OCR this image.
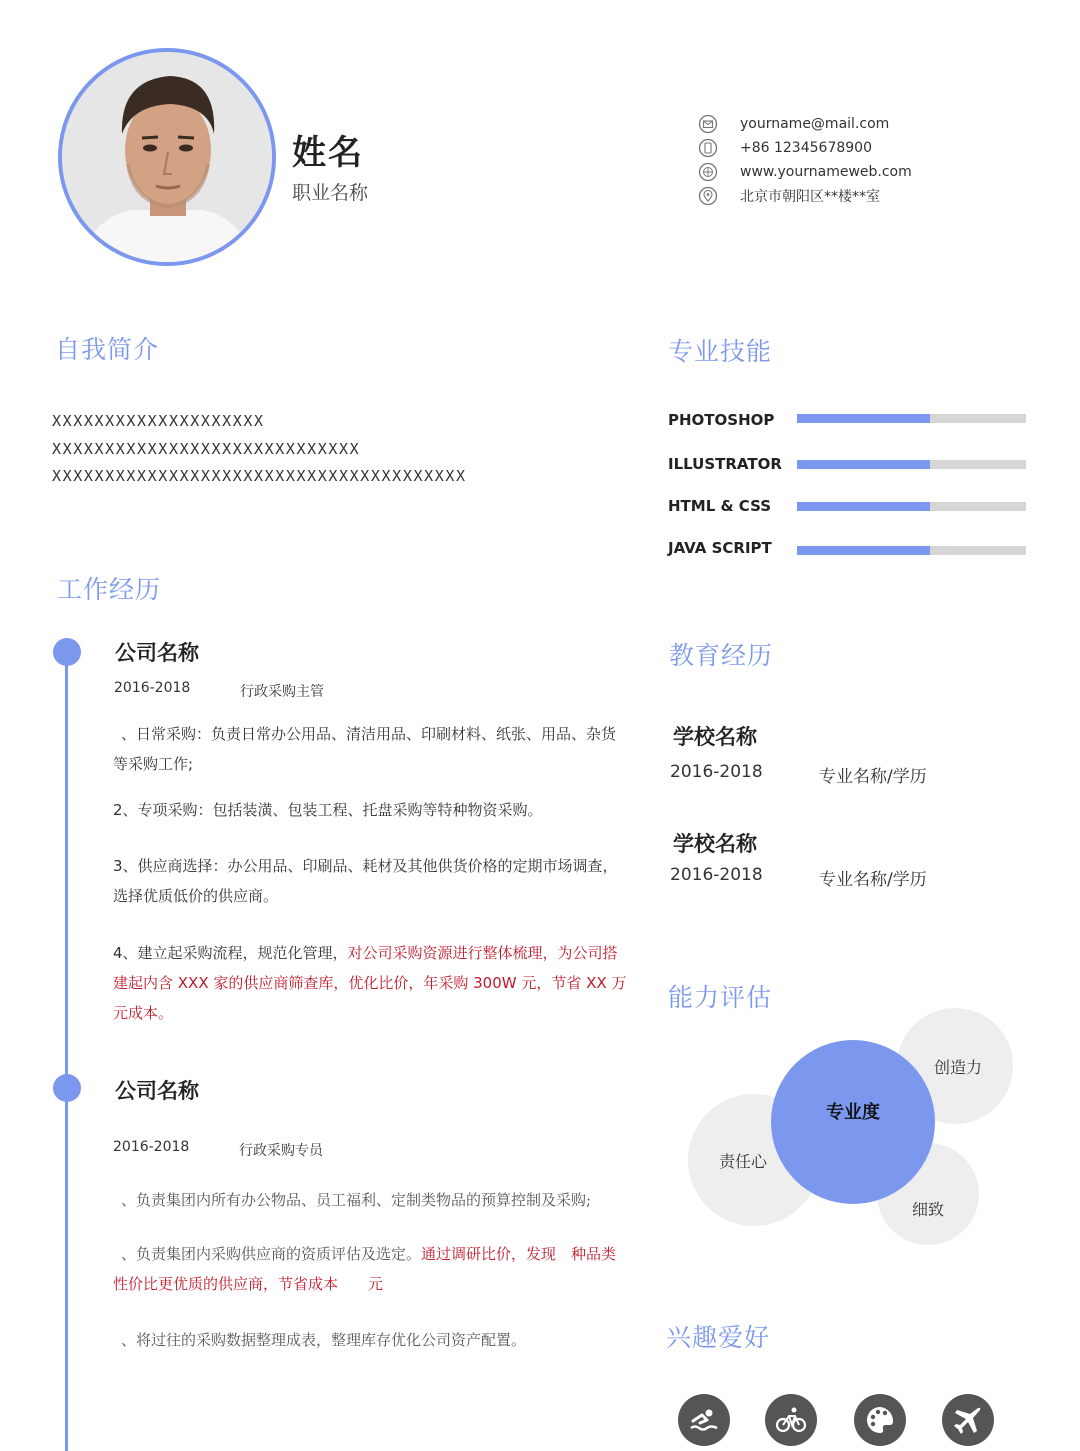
姓名
职业名称
yourname@mail.com
+86 12345678900
www.yournameweb.com
北京市朝阳区**楼**室
自我简介
XXXXXXXXXXXXXXXXXXXX
XXXXXXXXXXXXXXXXXXXXXXXXXXXXX
XXXXXXXXXXXXXXXXXXXXXXXXXXXXXXXXXXXXXXX
专业技能
PHOTOSHOP
ILLUSTRATOR
HTML & CSS
JAVA SCRIPT
工作经历
公司名称
2016-2018	行政采购主管
、日常采购：负责日常办公用品、清洁用品、印刷材料、纸张、用品、杂货等采购工作;
2、专项采购：包括装潢、包装工程、托盘采购等特种物资采购。
3、供应商选择：办公用品、印刷品、耗材及其他供货价格的定期市场调查，选择优质低价的供应商。
4、建立起采购流程，规范化管理，对公司采购资源进行整体梳理，为公司搭建起内含 XXX 家的供应商筛查库，优化比价，年采购 300W 元，节省 XX 万元成本。
公司名称
2016-2018	行政采购专员
、负责集团内所有办公物品、员工福利、定制类物品的预算控制及采购;
、负责集团内采购供应商的资质评估及选定。通过调研比价，发现　种品类性价比更优质的供应商，节省成本　　元
、将过往的采购数据整理成表，整理库存优化公司资产配置。
教育经历
学校名称
2016-2018	专业名称/学历
学校名称
2016-2018	专业名称/学历
能力评估
创造力
责任心
细致
专业度
兴趣爱好
